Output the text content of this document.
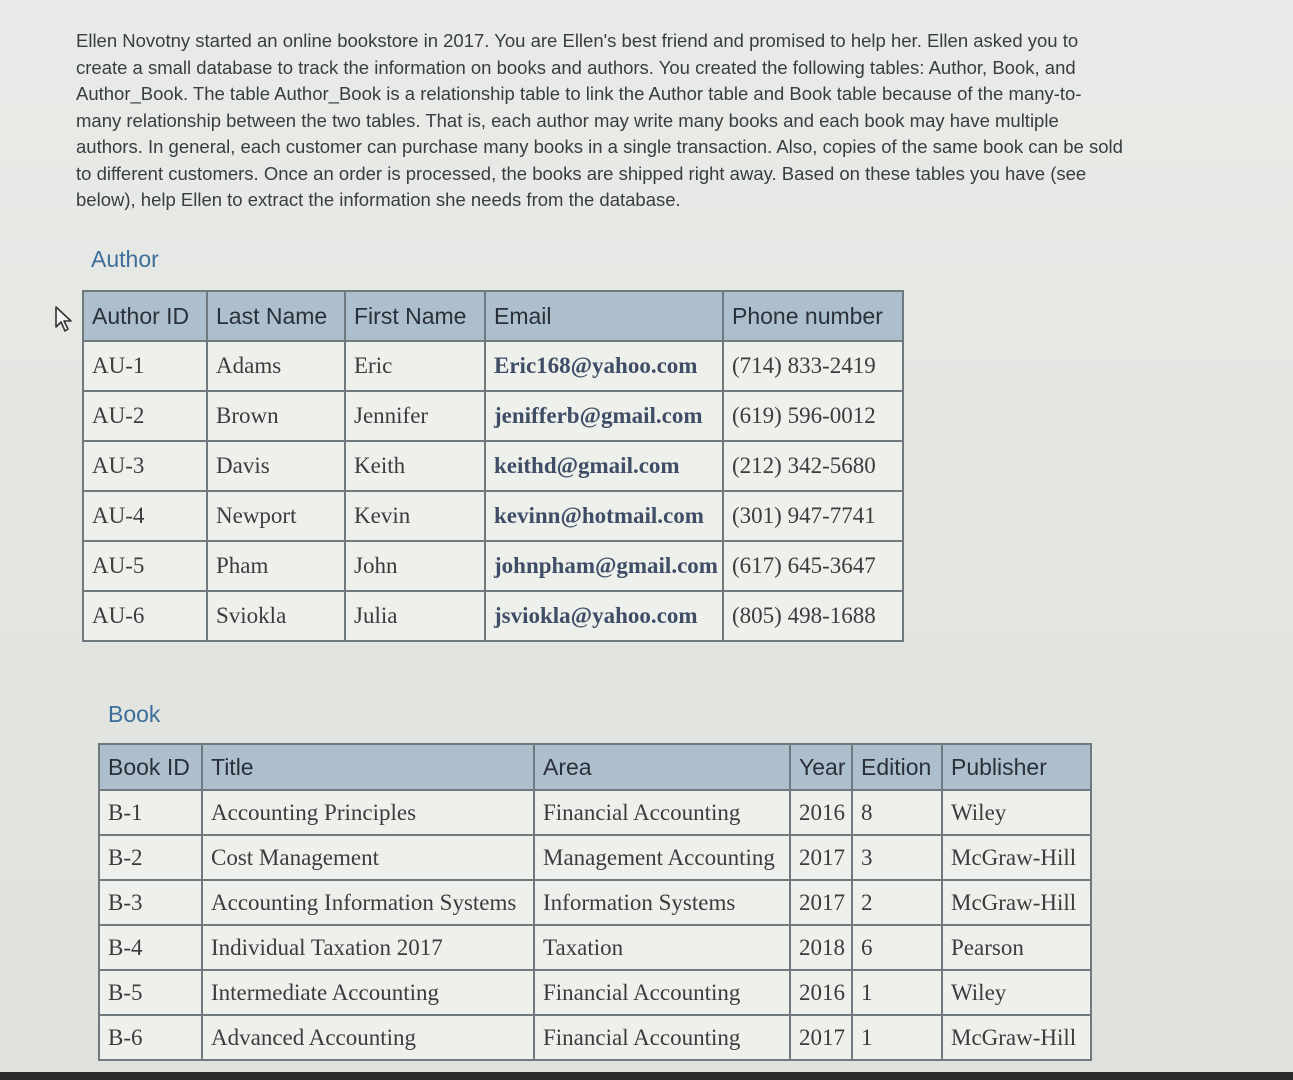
Ellen Novotny started an online bookstore in 2017. You are Ellen's best friend and promised to help her. Ellen asked you to
create a small database to track the information on books and authors. You created the following tables: Author, Book, and
Author_Book. The table Author_Book is a relationship table to link the Author table and Book table because of the many-to-
many relationship between the two tables. That is, each author may write many books and each book may have multiple
authors. In general, each customer can purchase many books in a single transaction. Also, copies of the same book can be sold
to different customers. Once an order is processed, the books are shipped right away. Based on these tables you have (see
below), help Ellen to extract the information she needs from the database.
Author
Author ID	Last Name	First Name	Email	Phone number
AU-1	Adams	Eric	Eric168@yahoo.com	(714) 833-2419
AU-2	Brown	Jennifer	jenifferb@gmail.com	(619) 596-0012
AU-3	Davis	Keith	keithd@gmail.com	(212) 342-5680
AU-4	Newport	Kevin	kevinn@hotmail.com	(301) 947-7741
AU-5	Pham	John	johnpham@gmail.com	(617) 645-3647
AU-6	Sviokla	Julia	jsviokla@yahoo.com	(805) 498-1688
Book
Book ID	Title	Area	Year	Edition	Publisher
B-1	Accounting Principles	Financial Accounting	2016	8	Wiley
B-2	Cost Management	Management Accounting	2017	3	McGraw-Hill
B-3	Accounting Information Systems	Information Systems	2017	2	McGraw-Hill
B-4	Individual Taxation 2017	Taxation	2018	6	Pearson
B-5	Intermediate Accounting	Financial Accounting	2016	1	Wiley
B-6	Advanced Accounting	Financial Accounting	2017	1	McGraw-Hill
